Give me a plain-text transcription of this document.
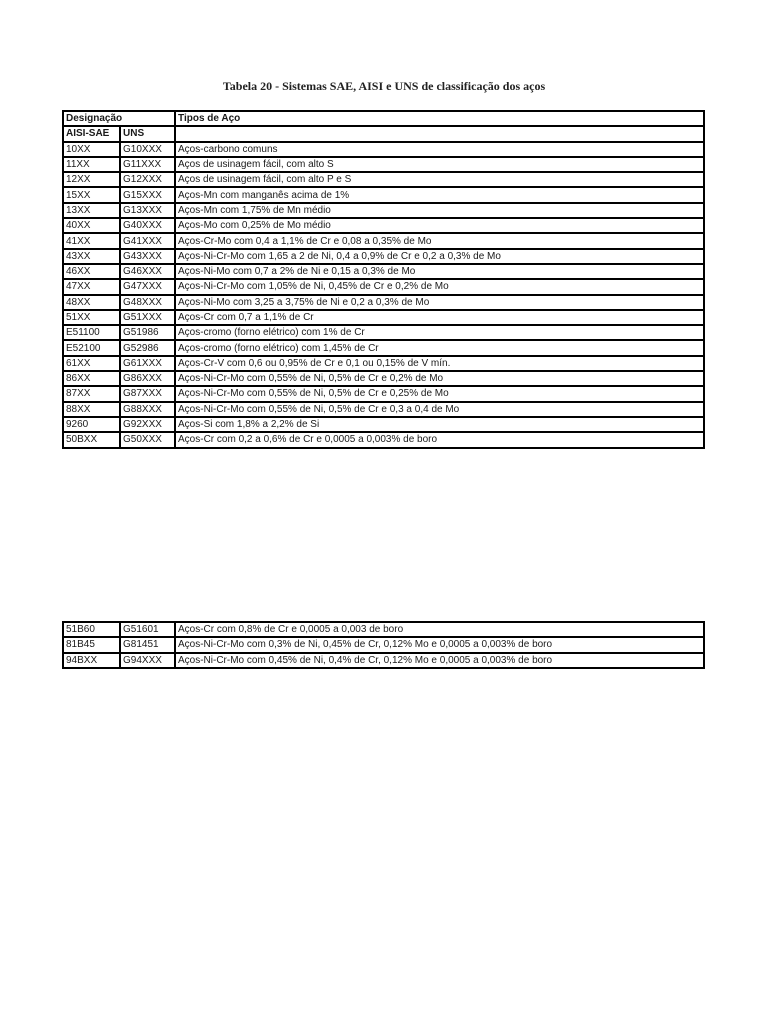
Tabela 20 - Sistemas SAE, AISI e UNS de classificação dos aços
Designação		Tipos de Aço
AISI-SAE	UNS	
10XX	G10XXX	Aços-carbono comuns
11XX	G11XXX	Aços de usinagem fácil, com alto S
12XX	G12XXX	Aços de usinagem fácil, com alto P e S
15XX	G15XXX	Aços-Mn com manganês acima de 1%
13XX	G13XXX	Aços-Mn com 1,75% de Mn médio
40XX	G40XXX	Aços-Mo com 0,25% de Mo médio
41XX	G41XXX	Aços-Cr-Mo com 0,4 a 1,1% de Cr e 0,08 a 0,35% de Mo
43XX	G43XXX	Aços-Ni-Cr-Mo com 1,65 a 2 de Ni, 0,4 a 0,9% de Cr e 0,2 a 0,3% de Mo
46XX	G46XXX	Aços-Ni-Mo com 0,7 a 2% de Ni e 0,15 a 0,3% de Mo
47XX	G47XXX	Aços-Ni-Cr-Mo com 1,05% de Ni, 0,45% de Cr e 0,2% de Mo
48XX	G48XXX	Aços-Ni-Mo com 3,25 a 3,75% de Ni e 0,2 a 0,3% de Mo
51XX	G51XXX	Aços-Cr com 0,7 a 1,1% de Cr
E51100	G51986	Aços-cromo (forno elétrico) com 1% de Cr
E52100	G52986	Aços-cromo (forno elétrico) com 1,45% de Cr
61XX	G61XXX	Aços-Cr-V com 0,6 ou 0,95% de Cr e 0,1 ou 0,15% de V mín.
86XX	G86XXX	Aços-Ni-Cr-Mo com 0,55% de Ni, 0,5% de Cr e 0,2% de Mo
87XX	G87XXX	Aços-Ni-Cr-Mo com 0,55% de Ni, 0,5% de Cr e 0,25% de Mo
88XX	G88XXX	Aços-Ni-Cr-Mo com 0,55% de Ni, 0,5% de Cr e 0,3 a 0,4 de Mo
9260	G92XXX	Aços-Si com 1,8% a 2,2% de Si
50BXX	G50XXX	Aços-Cr com 0,2 a 0,6% de Cr e 0,0005 a 0,003% de boro
51B60	G51601	Aços-Cr com 0,8% de Cr e 0,0005 a 0,003 de boro
81B45	G81451	Aços-Ni-Cr-Mo com 0,3% de Ni, 0,45% de Cr, 0,12% Mo e 0,0005 a 0,003% de boro
94BXX	G94XXX	Aços-Ni-Cr-Mo com 0,45% de Ni, 0,4% de Cr, 0,12% Mo e 0,0005 a 0,003% de boro
